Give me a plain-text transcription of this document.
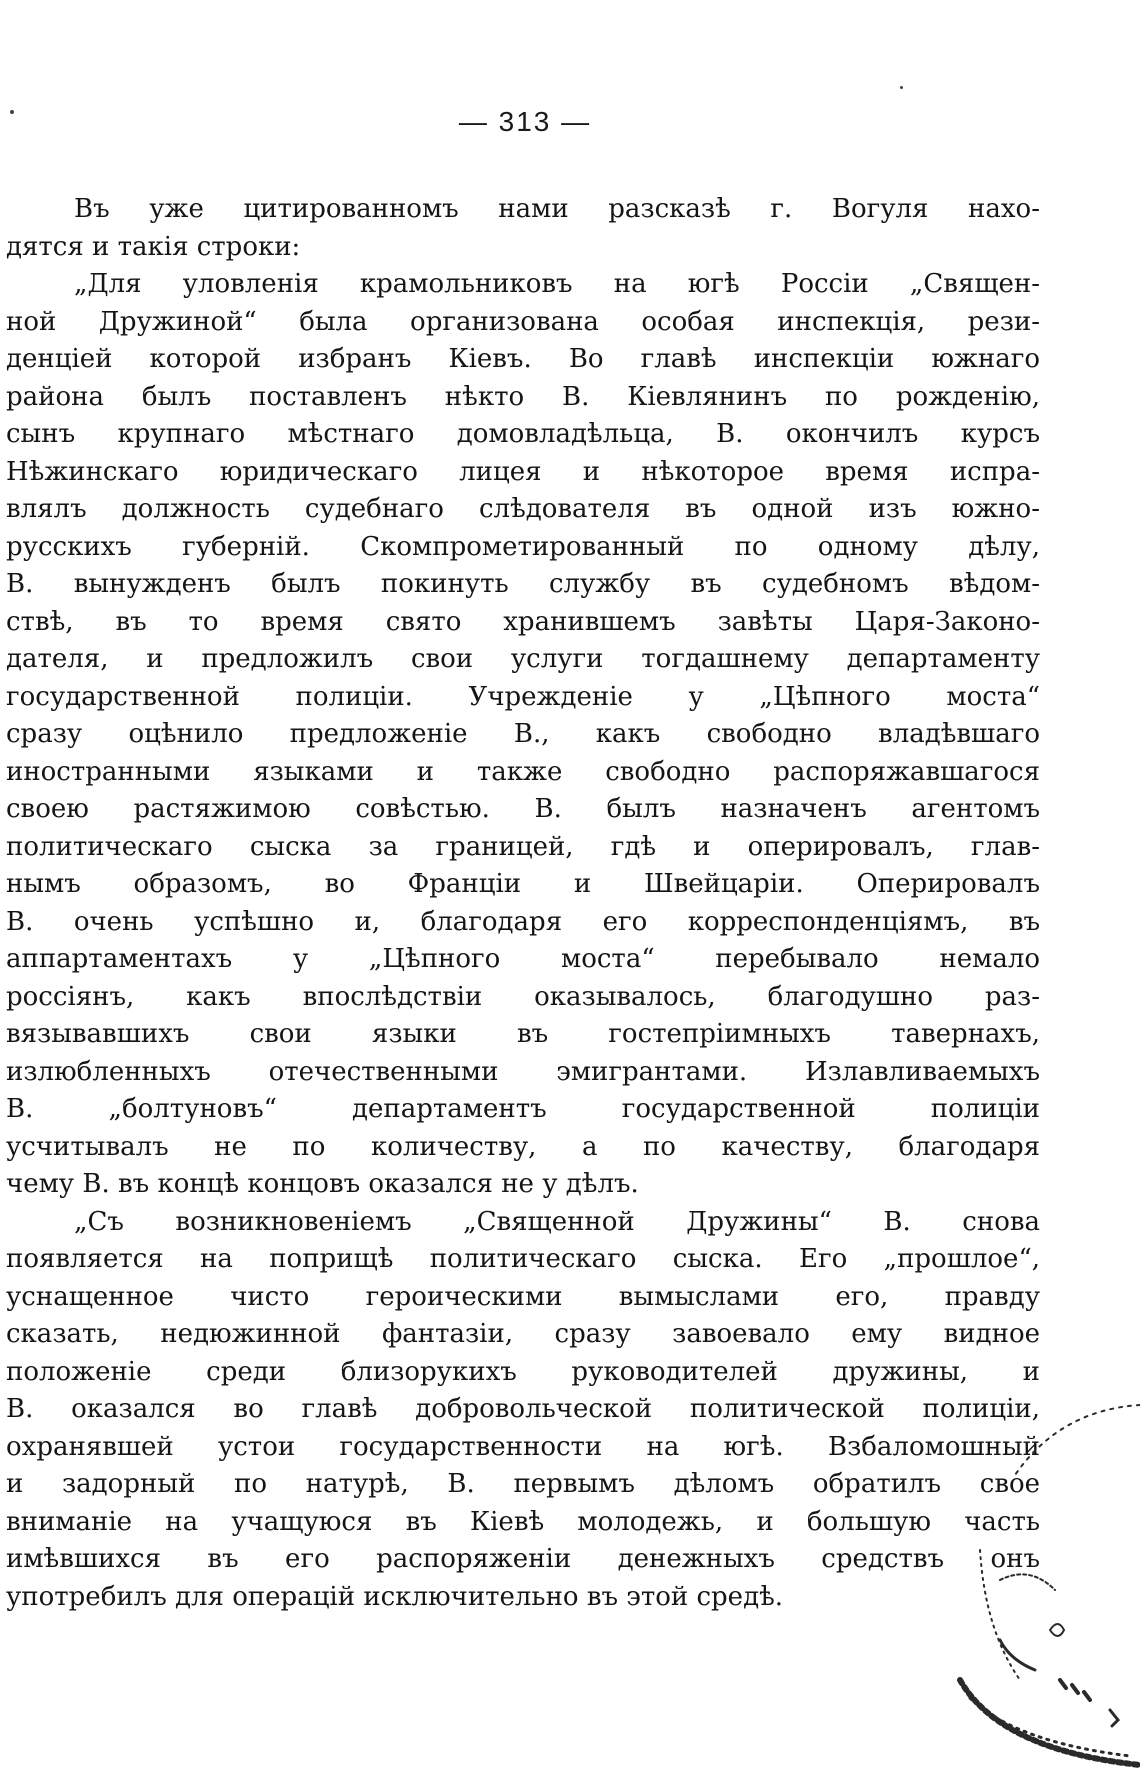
— 313 —
Въ уже цитированномъ нами разсказѣ г. Вогуля нахо-
дятся и такія строки:
„Для уловленія крамольниковъ на югѣ Россіи „Священ-
ной Дружиной“ была организована особая инспекція, рези-
денціей которой избранъ Кіевъ. Во главѣ инспекціи южнаго
района былъ поставленъ нѣкто В. Кіевлянинъ по рожденію,
сынъ крупнаго мѣстнаго домовладѣльца, В. окончилъ курсъ
Нѣжинскаго юридическаго лицея и нѣкоторое время испра-
влялъ должность судебнаго слѣдователя въ одной изъ южно-
русскихъ губерній. Скомпрометированный по одному дѣлу,
В. вынужденъ былъ покинуть службу въ судебномъ вѣдом-
ствѣ, въ то время свято хранившемъ завѣты Царя-Законо-
дателя, и предложилъ свои услуги тогдашнему департаменту
государственной полиціи. Учрежденіе у „Цѣпного моста“
сразу оцѣнило предложеніе В., какъ свободно владѣвшаго
иностранными языками и также свободно распоряжавшагося
своею растяжимою совѣстью. В. былъ назначенъ агентомъ
политическаго сыска за границей, гдѣ и оперировалъ, глав-
нымъ образомъ, во Франціи и Швейцаріи. Оперировалъ
В. очень успѣшно и, благодаря его корреспонденціямъ, въ
аппартаментахъ у „Цѣпного моста“ перебывало немало
россіянъ, какъ впослѣдствіи оказывалось, благодушно раз-
вязывавшихъ свои языки въ гостепріимныхъ тавернахъ,
излюбленныхъ отечественными эмигрантами. Излавливаемыхъ
В. „болтуновъ“ департаментъ государственной полиціи
усчитывалъ не по количеству, а по качеству, благодаря
чему В. въ концѣ концовъ оказался не у дѣлъ.
„Съ возникновеніемъ „Священной Дружины“ В. снова
появляется на поприщѣ политическаго сыска. Его „прошлое“,
уснащенное чисто героическими вымыслами его, правду
сказать, недюжинной фантазіи, сразу завоевало ему видное
положеніе среди близорукихъ руководителей дружины, и
В. оказался во главѣ добровольческой политической полиціи,
охранявшей устои государственности на югѣ. Взбаломошный
и задорный по натурѣ, В. первымъ дѣломъ обратилъ свое
вниманіе на учащуюся въ Кіевѣ молодежь, и большую часть
имѣвшихся въ его распоряженіи денежныхъ средствъ онъ
употребилъ для операцій исключительно въ этой средѣ.
